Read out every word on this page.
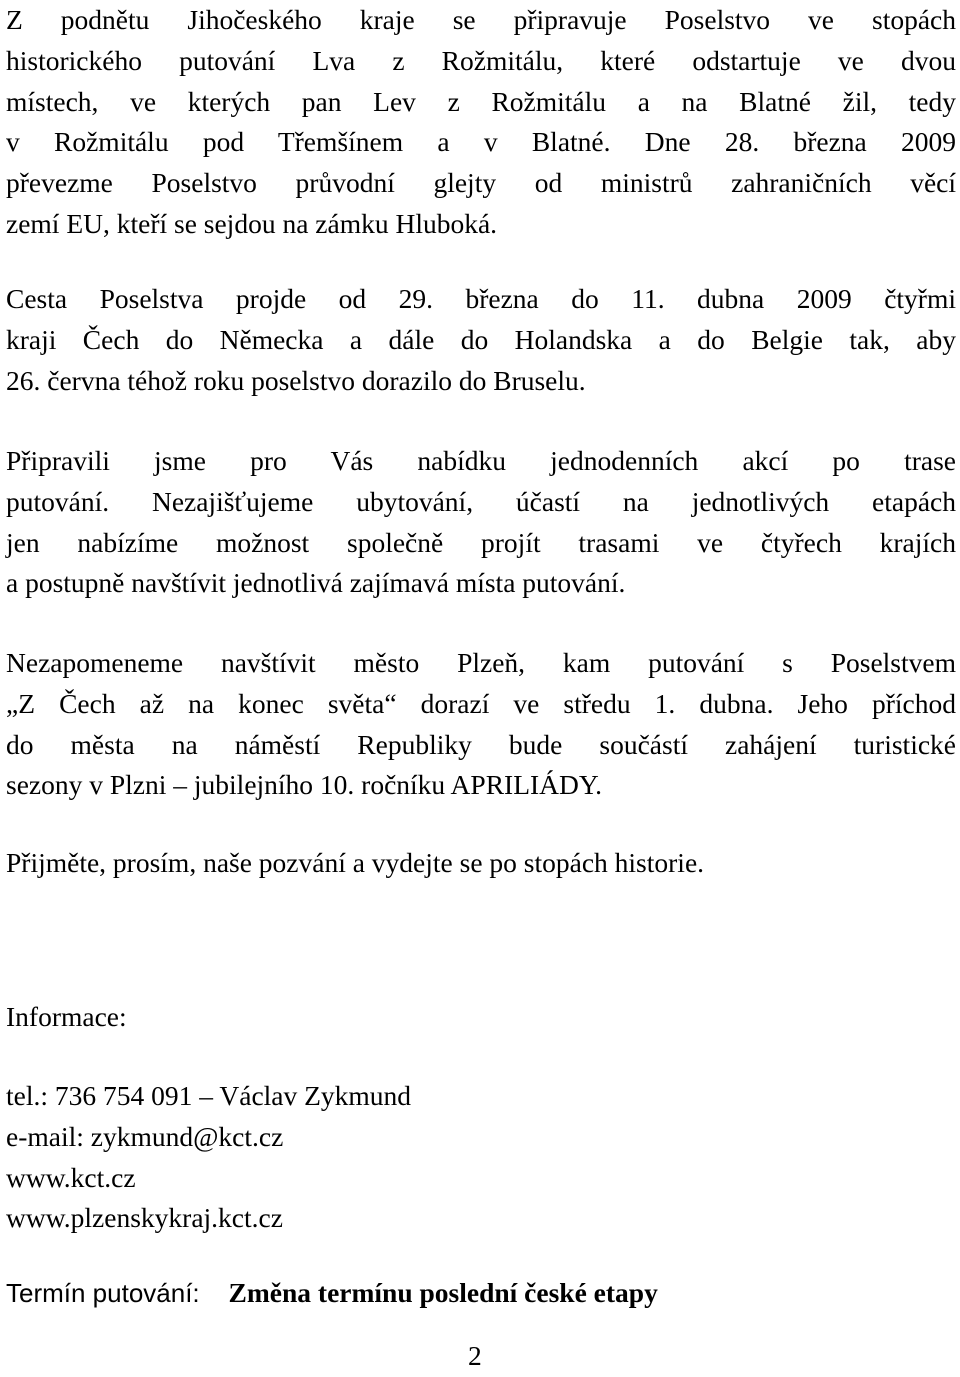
Z podnětu Jihočeského kraje se připravuje Poselstvo ve stopách
historického putování Lva z Rožmitálu, které odstartuje ve dvou
místech, ve kterých pan Lev z Rožmitálu a na Blatné žil, tedy
v Rožmitálu pod Třemšínem a v Blatné. Dne 28. března 2009
převezme Poselstvo průvodní glejty od ministrů zahraničních věcí
zemí EU, kteří se sejdou na zámku Hluboká.
Cesta Poselstva projde od 29. března do 11. dubna 2009 čtyřmi
kraji Čech do Německa a dále do Holandska a do Belgie tak, aby
26. června téhož roku poselstvo dorazilo do Bruselu.
Připravili jsme pro Vás nabídku jednodenních akcí po trase
putování. Nezajišťujeme ubytování, účastí na jednotlivých etapách
jen nabízíme možnost společně projít trasami ve čtyřech krajích
a postupně navštívit jednotlivá zajímavá místa putování.
Nezapomeneme navštívit město Plzeň, kam putování s Poselstvem
„Z Čech až na konec světa“ dorazí ve středu 1. dubna. Jeho příchod
do města na náměstí Republiky bude součástí zahájení turistické
sezony v Plzni – jubilejního 10. ročníku APRILIÁDY.
Přijměte, prosím, naše pozvání a vydejte se po stopách historie.
Informace:
tel.: 736 754 091 – Václav Zykmund
e-mail: zykmund@kct.cz
www.kct.cz
www.plzenskykraj.kct.cz
Termín putování: Změna termínu poslední české etapy
2
